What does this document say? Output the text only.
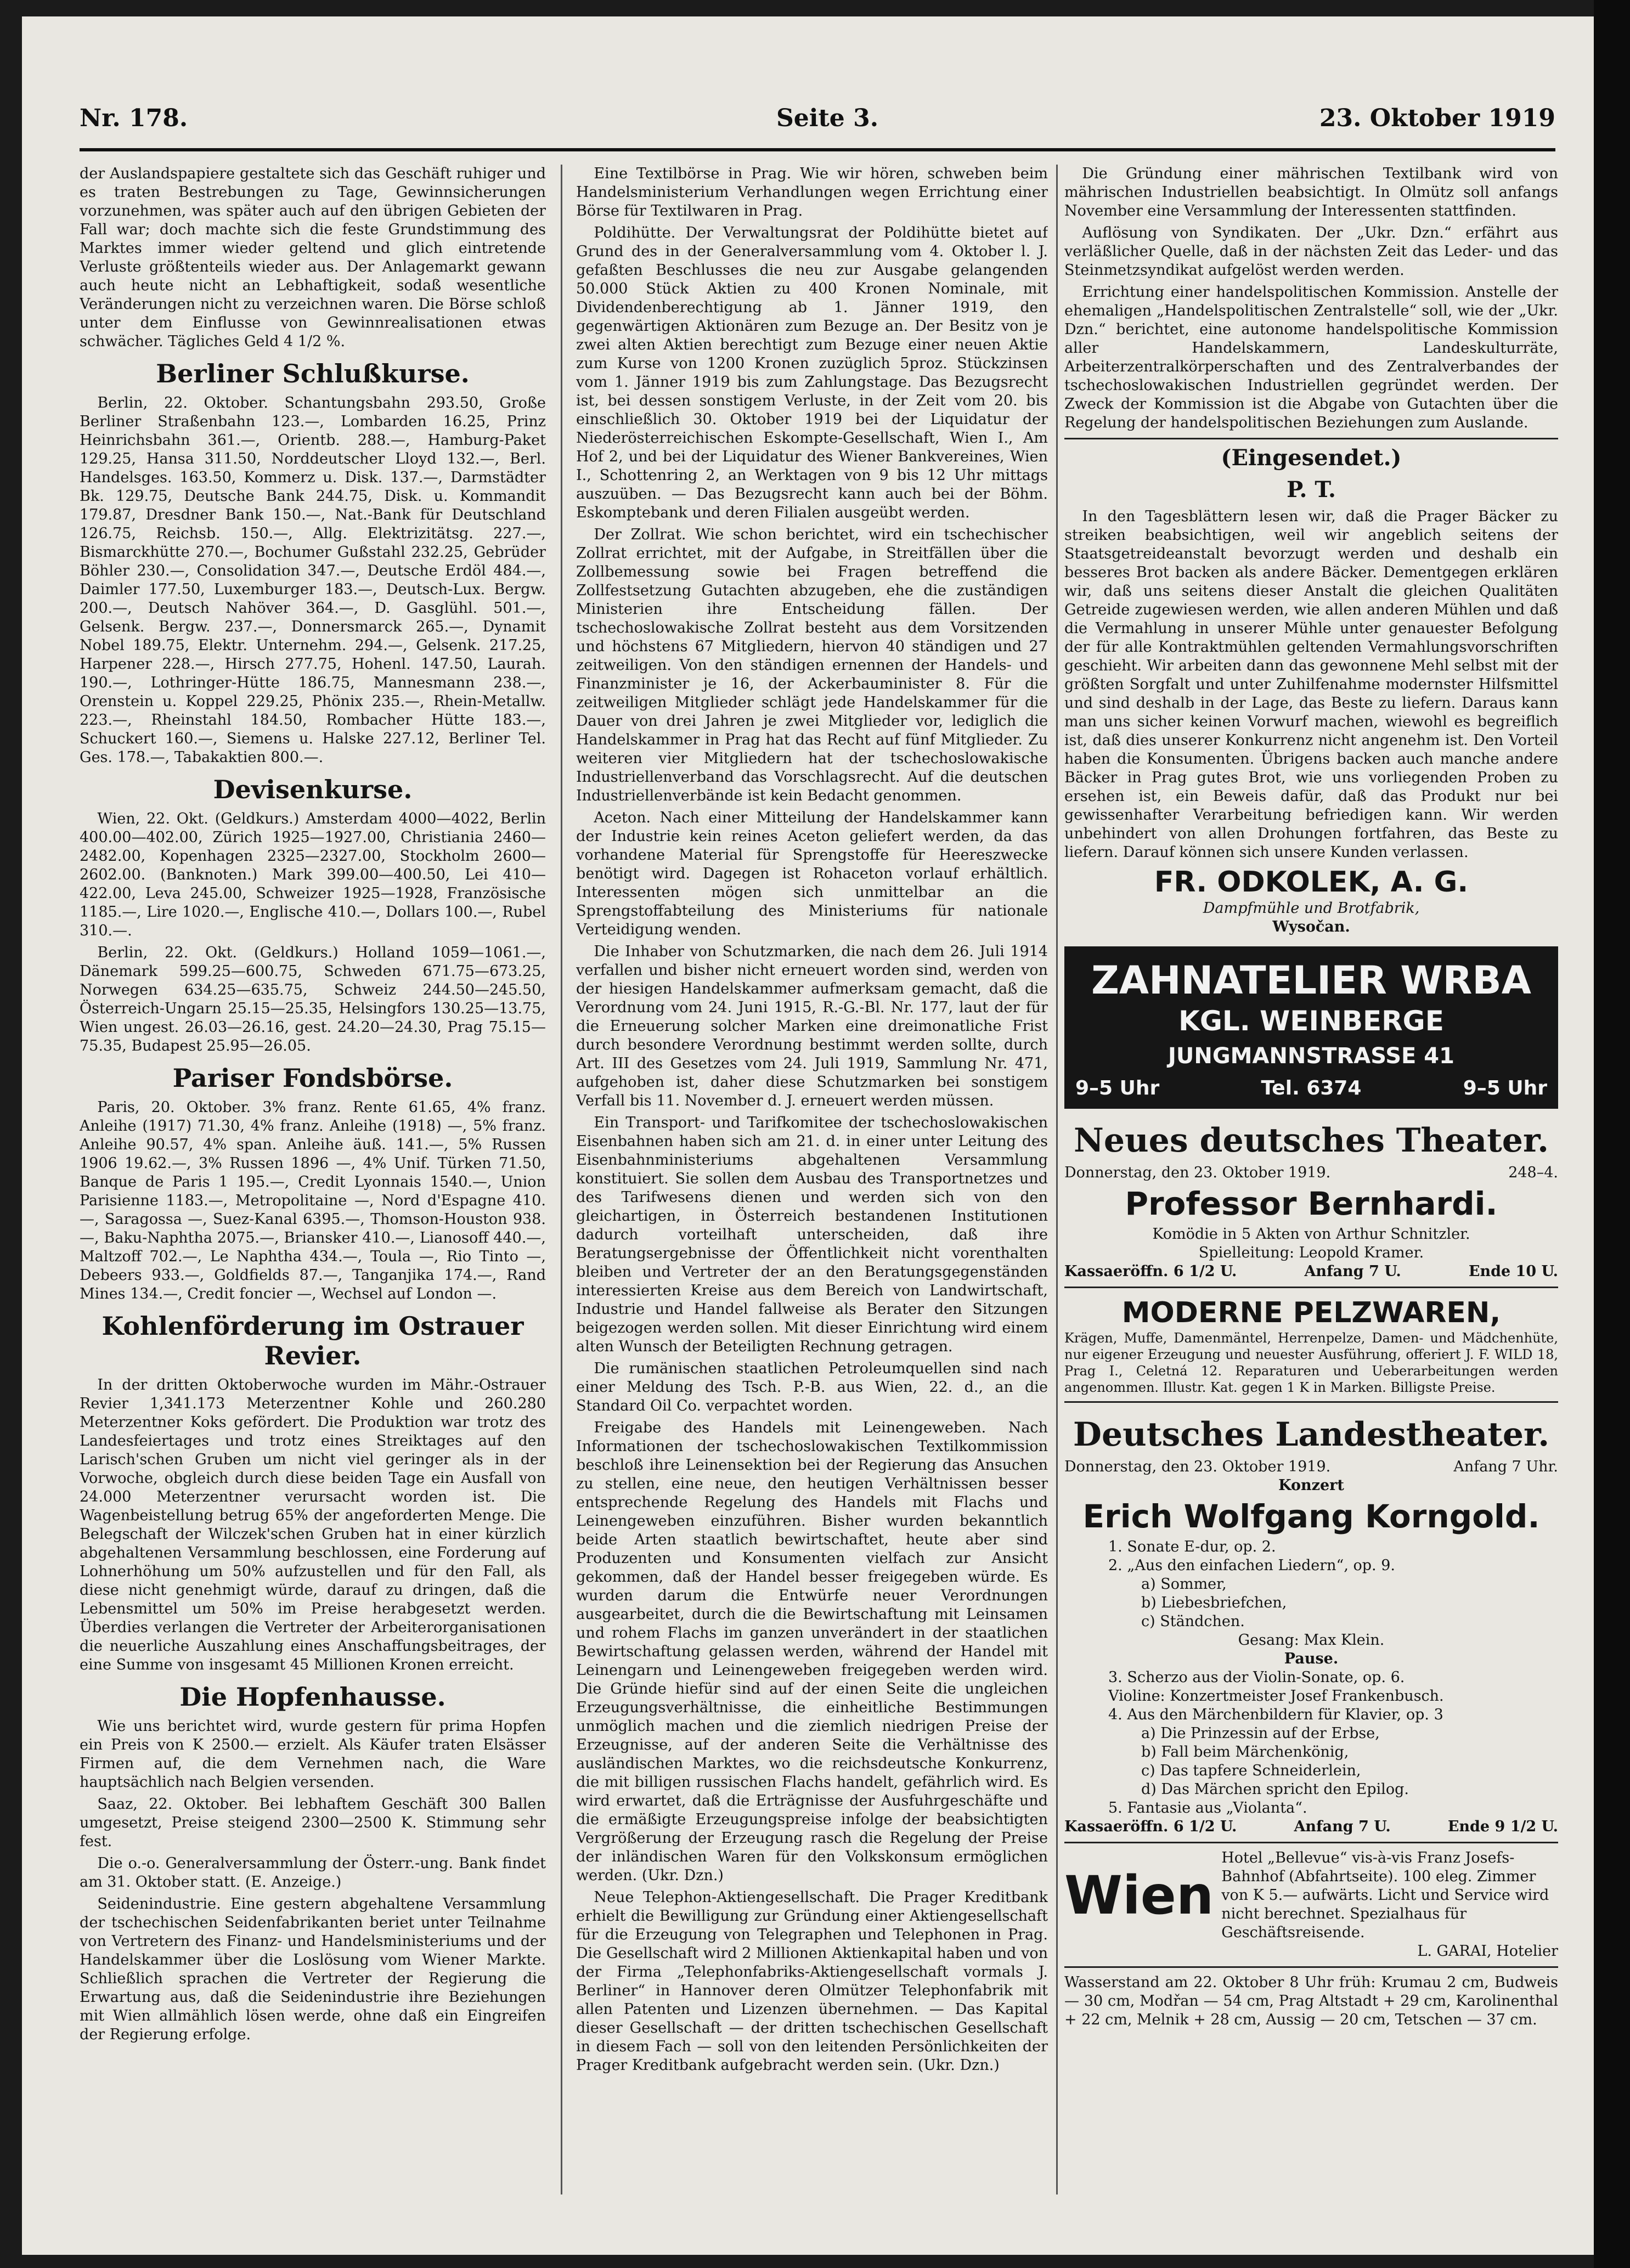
Nr. 178.	Seite 3.	23. Oktober 1919

der Auslandspapiere gestaltete sich das Geschäft ruhiger und es traten Bestrebungen zu Tage, Gewinnsicherungen vorzunehmen, was später auch auf den übrigen Gebieten der Fall war; doch machte sich die feste Grundstimmung des Marktes immer wieder geltend und glich eintretende Verluste größtenteils wieder aus. Der Anlagemarkt gewann auch heute nicht an Lebhaftigkeit, sodaß wesentliche Veränderungen nicht zu verzeichnen waren. Die Börse schloß unter dem Einflusse von Gewinnrealisationen etwas schwächer. Tägliches Geld 4 1/2 %.

Berliner Schlußkurse.

Berlin, 22. Oktober. Schantungsbahn 293.50, Große Berliner Straßenbahn 123.—, Lombarden 16.25, Prinz Heinrichsbahn 361.—, Orientb. 288.—, Hamburg-Paket 129.25, Hansa 311.50, Norddeutscher Lloyd 132.—, Berl. Handelsges. 163.50, Kommerz u. Disk. 137.—, Darmstädter Bk. 129.75, Deutsche Bank 244.75, Disk. u. Kommandit 179.87, Dresdner Bank 150.—, Nat.-Bank für Deutschland 126.75, Reichsb. 150.—, Allg. Elektrizitätsg. 227.—, Bismarckhütte 270.—, Bochumer Gußstahl 232.25, Gebrüder Böhler 230.—, Consolidation 347.—, Deutsche Erdöl 484.—, Daimler 177.50, Luxemburger 183.—, Deutsch-Lux. Bergw. 200.—, Deutsch Nahöver 364.—, D. Gasglühl. 501.—, Gelsenk. Bergw. 237.—, Donnersmarck 265.—, Dynamit Nobel 189.75, Elektr. Unternehm. 294.—, Gelsenk. 217.25, Harpener 228.—, Hirsch 277.75, Hohenl. 147.50, Laurah. 190.—, Lothringer-Hütte 186.75, Mannesmann 238.—, Orenstein u. Koppel 229.25, Phönix 235.—, Rhein-Metallw. 223.—, Rheinstahl 184.50, Rombacher Hütte 183.—, Schuckert 160.—, Siemens u. Halske 227.12, Berliner Tel. Ges. 178.—, Tabakaktien 800.—.

Devisenkurse.

Wien, 22. Okt. (Geldkurs.) Amsterdam 4000—4022, Berlin 400.00—402.00, Zürich 1925—1927.00, Christiania 2460—2482.00, Kopenhagen 2325—2327.00, Stockholm 2600—2602.00. (Banknoten.) Mark 399.00—400.50, Lei 410—422.00, Leva 245.00, Schweizer 1925—1928, Französische 1185.—, Lire 1020.—, Englische 410.—, Dollars 100.—, Rubel 310.—.

Berlin, 22. Okt. (Geldkurs.) Holland 1059—1061.—, Dänemark 599.25—600.75, Schweden 671.75—673.25, Norwegen 634.25—635.75, Schweiz 244.50—245.50, Österreich-Ungarn 25.15—25.35, Helsingfors 130.25—13.75, Wien ungest. 26.03—26.16, gest. 24.20—24.30, Prag 75.15—75.35, Budapest 25.95—26.05.

Pariser Fondsbörse.

Paris, 20. Oktober. 3% franz. Rente 61.65, 4% franz. Anleihe (1917) 71.30, 4% franz. Anleihe (1918) —, 5% franz. Anleihe 90.57, 4% span. Anleihe äuß. 141.—, 5% Russen 1906 19.62.—, 3% Russen 1896 —, 4% Unif. Türken 71.50, Banque de Paris 1 195.—, Credit Lyonnais 1540.—, Union Parisienne 1183.—, Metropolitaine —, Nord d'Espagne 410.—, Saragossa —, Suez-Kanal 6395.—, Thomson-Houston 938.—, Baku-Naphtha 2075.—, Briansker 410.—, Lianosoff 440.—, Maltzoff 702.—, Le Naphtha 434.—, Toula —, Rio Tinto —, Debeers 933.—, Goldfields 87.—, Tanganjika 174.—, Rand Mines 134.—, Credit foncier —, Wechsel auf London —.

Kohlenförderung im Ostrauer Revier.

In der dritten Oktoberwoche wurden im Mähr.-Ostrauer Revier 1,341.173 Meterzentner Kohle und 260.280 Meterzentner Koks gefördert. Die Produktion war trotz des Landesfeiertages und trotz eines Streiktages auf den Larisch'schen Gruben um nicht viel geringer als in der Vorwoche, obgleich durch diese beiden Tage ein Ausfall von 24.000 Meterzentner verursacht worden ist. Die Wagenbeistellung betrug 65% der angeforderten Menge. Die Belegschaft der Wilczek'schen Gruben hat in einer kürzlich abgehaltenen Versammlung beschlossen, eine Forderung auf Lohnerhöhung um 50% aufzustellen und für den Fall, als diese nicht genehmigt würde, darauf zu dringen, daß die Lebensmittel um 50% im Preise herabgesetzt werden. Überdies verlangen die Vertreter der Arbeiterorganisationen die neuerliche Auszahlung eines Anschaffungsbeitrages, der eine Summe von insgesamt 45 Millionen Kronen erreicht.

Die Hopfenhausse.

Wie uns berichtet wird, wurde gestern für prima Hopfen ein Preis von K 2500.— erzielt. Als Käufer traten Elsässer Firmen auf, die dem Vernehmen nach, die Ware hauptsächlich nach Belgien versenden.

Saaz, 22. Oktober. Bei lebhaftem Geschäft 300 Ballen umgesetzt, Preise steigend 2300—2500 K. Stimmung sehr fest.

Die o.-o. Generalversammlung der Österr.-ung. Bank findet am 31. Oktober statt. (E. Anzeige.)

Seidenindustrie. Eine gestern abgehaltene Versammlung der tschechischen Seidenfabrikanten beriet unter Teilnahme von Vertretern des Finanz- und Handelsministeriums und der Handelskammer über die Loslösung vom Wiener Markte. Schließlich sprachen die Vertreter der Regierung die Erwartung aus, daß die Seidenindustrie ihre Beziehungen mit Wien allmählich lösen werde, ohne daß ein Eingreifen der Regierung erfolge.

Eine Textilbörse in Prag. Wie wir hören, schweben beim Handelsministerium Verhandlungen wegen Errichtung einer Börse für Textilwaren in Prag.

Poldihütte. Der Verwaltungsrat der Poldihütte bietet auf Grund des in der Generalversammlung vom 4. Oktober l. J. gefaßten Beschlusses die neu zur Ausgabe gelangenden 50.000 Stück Aktien zu 400 Kronen Nominale, mit Dividendenberechtigung ab 1. Jänner 1919, den gegenwärtigen Aktionären zum Bezuge an. Der Besitz von je zwei alten Aktien berechtigt zum Bezuge einer neuen Aktie zum Kurse von 1200 Kronen zuzüglich 5proz. Stückzinsen vom 1. Jänner 1919 bis zum Zahlungstage. Das Bezugsrecht ist, bei dessen sonstigem Verluste, in der Zeit vom 20. bis einschließlich 30. Oktober 1919 bei der Liquidatur der Niederösterreichischen Eskompte-Gesellschaft, Wien I., Am Hof 2, und bei der Liquidatur des Wiener Bankvereines, Wien I., Schottenring 2, an Werktagen von 9 bis 12 Uhr mittags auszuüben. — Das Bezugsrecht kann auch bei der Böhm. Eskomptebank und deren Filialen ausgeübt werden.

Der Zollrat. Wie schon berichtet, wird ein tschechischer Zollrat errichtet, mit der Aufgabe, in Streitfällen über die Zollbemessung sowie bei Fragen betreffend die Zollfestsetzung Gutachten abzugeben, ehe die zuständigen Ministerien ihre Entscheidung fällen. Der tschechoslowakische Zollrat besteht aus dem Vorsitzenden und höchstens 67 Mitgliedern, hiervon 40 ständigen und 27 zeitweiligen. Von den ständigen ernennen der Handels- und Finanzminister je 16, der Ackerbauminister 8. Für die zeitweiligen Mitglieder schlägt jede Handelskammer für die Dauer von drei Jahren je zwei Mitglieder vor, lediglich die Handelskammer in Prag hat das Recht auf fünf Mitglieder. Zu weiteren vier Mitgliedern hat der tschechoslowakische Industriellenverband das Vorschlagsrecht. Auf die deutschen Industriellenverbände ist kein Bedacht genommen.

Aceton. Nach einer Mitteilung der Handelskammer kann der Industrie kein reines Aceton geliefert werden, da das vorhandene Material für Sprengstoffe für Heereszwecke benötigt wird. Dagegen ist Rohaceton vorlauf erhältlich. Interessenten mögen sich unmittelbar an die Sprengstoffabteilung des Ministeriums für nationale Verteidigung wenden.

Die Inhaber von Schutzmarken, die nach dem 26. Juli 1914 verfallen und bisher nicht erneuert worden sind, werden von der hiesigen Handelskammer aufmerksam gemacht, daß die Verordnung vom 24. Juni 1915, R.-G.-Bl. Nr. 177, laut der für die Erneuerung solcher Marken eine dreimonatliche Frist durch besondere Verordnung bestimmt werden sollte, durch Art. III des Gesetzes vom 24. Juli 1919, Sammlung Nr. 471, aufgehoben ist, daher diese Schutzmarken bei sonstigem Verfall bis 11. November d. J. erneuert werden müssen.

Ein Transport- und Tarifkomitee der tschechoslowakischen Eisenbahnen haben sich am 21. d. in einer unter Leitung des Eisenbahnministeriums abgehaltenen Versammlung konstituiert. Sie sollen dem Ausbau des Transportnetzes und des Tarifwesens dienen und werden sich von den gleichartigen, in Österreich bestandenen Institutionen dadurch vorteilhaft unterscheiden, daß ihre Beratungsergebnisse der Öffentlichkeit nicht vorenthalten bleiben und Vertreter der an den Beratungsgegenständen interessierten Kreise aus dem Bereich von Landwirtschaft, Industrie und Handel fallweise als Berater den Sitzungen beigezogen werden sollen. Mit dieser Einrichtung wird einem alten Wunsch der Beteiligten Rechnung getragen.

Die rumänischen staatlichen Petroleumquellen sind nach einer Meldung des Tsch. P.-B. aus Wien, 22. d., an die Standard Oil Co. verpachtet worden.

Freigabe des Handels mit Leinengeweben. Nach Informationen der tschechoslowakischen Textilkommission beschloß ihre Leinensektion bei der Regierung das Ansuchen zu stellen, eine neue, den heutigen Verhältnissen besser entsprechende Regelung des Handels mit Flachs und Leinengeweben einzuführen. Bisher wurden bekanntlich beide Arten staatlich bewirtschaftet, heute aber sind Produzenten und Konsumenten vielfach zur Ansicht gekommen, daß der Handel besser freigegeben würde. Es wurden darum die Entwürfe neuer Verordnungen ausgearbeitet, durch die die Bewirtschaftung mit Leinsamen und rohem Flachs im ganzen unverändert in der staatlichen Bewirtschaftung gelassen werden, während der Handel mit Leinengarn und Leinengeweben freigegeben werden wird. Die Gründe hiefür sind auf der einen Seite die ungleichen Erzeugungsverhältnisse, die einheitliche Bestimmungen unmöglich machen und die ziemlich niedrigen Preise der Erzeugnisse, auf der anderen Seite die Verhältnisse des ausländischen Marktes, wo die reichsdeutsche Konkurrenz, die mit billigen russischen Flachs handelt, gefährlich wird. Es wird erwartet, daß die Erträgnisse der Ausfuhrgeschäfte und die ermäßigte Erzeugungspreise infolge der beabsichtigten Vergrößerung der Erzeugung rasch die Regelung der Preise der inländischen Waren für den Volkskonsum ermöglichen werden. (Ukr. Dzn.)

Neue Telephon-Aktiengesellschaft. Die Prager Kreditbank erhielt die Bewilligung zur Gründung einer Aktiengesellschaft für die Erzeugung von Telegraphen und Telephonen in Prag. Die Gesellschaft wird 2 Millionen Aktienkapital haben und von der Firma „Telephonfabriks-Aktiengesellschaft vormals J. Berliner“ in Hannover deren Olmützer Telephonfabrik mit allen Patenten und Lizenzen übernehmen. — Das Kapital dieser Gesellschaft — der dritten tschechischen Gesellschaft in diesem Fach — soll von den leitenden Persönlichkeiten der Prager Kreditbank aufgebracht werden sein. (Ukr. Dzn.)

Die Gründung einer mährischen Textilbank wird von mährischen Industriellen beabsichtigt. In Olmütz soll anfangs November eine Versammlung der Interessenten stattfinden.

Auflösung von Syndikaten. Der „Ukr. Dzn.“ erfährt aus verläßlicher Quelle, daß in der nächsten Zeit das Leder- und das Steinmetzsyndikat aufgelöst werden werden.

Errichtung einer handelspolitischen Kommission. Anstelle der ehemaligen „Handelspolitischen Zentralstelle“ soll, wie der „Ukr. Dzn.“ berichtet, eine autonome handelspolitische Kommission aller Handelskammern, Landeskulturräte, Arbeiterzentralkörperschaften und des Zentralverbandes der tschechoslowakischen Industriellen gegründet werden. Der Zweck der Kommission ist die Abgabe von Gutachten über die Regelung der handelspolitischen Beziehungen zum Auslande.

(Eingesendet.)
P. T.

In den Tagesblättern lesen wir, daß die Prager Bäcker zu streiken beabsichtigen, weil wir angeblich seitens der Staatsgetreideanstalt bevorzugt werden und deshalb ein besseres Brot backen als andere Bäcker. Dementgegen erklären wir, daß uns seitens dieser Anstalt die gleichen Qualitäten Getreide zugewiesen werden, wie allen anderen Mühlen und daß die Vermahlung in unserer Mühle unter genauester Befolgung der für alle Kontraktmühlen geltenden Vermahlungsvorschriften geschieht. Wir arbeiten dann das gewonnene Mehl selbst mit der größten Sorgfalt und unter Zuhilfenahme modernster Hilfsmittel und sind deshalb in der Lage, das Beste zu liefern. Daraus kann man uns sicher keinen Vorwurf machen, wiewohl es begreiflich ist, daß dies unserer Konkurrenz nicht angenehm ist. Den Vorteil haben die Konsumenten. Übrigens backen auch manche andere Bäcker in Prag gutes Brot, wie uns vorliegenden Proben zu ersehen ist, ein Beweis dafür, daß das Produkt nur bei gewissenhafter Verarbeitung befriedigen kann. Wir werden unbehindert von allen Drohungen fortfahren, das Beste zu liefern. Darauf können sich unsere Kunden verlassen.

FR. ODKOLEK, A. G.
Dampfmühle und Brotfabrik,
Wysočan.
ZAHNATELIER WRBA
KGL. WEINBERGE
JUNGMANNSTRASSE 41
9–5 Uhr	Tel. 6374	9–5 Uhr
Neues deutsches Theater.
Donnerstag, den 23. Oktober 1919.	248–4.
Professor Bernhardi.
Komödie in 5 Akten von Arthur Schnitzler.
Spielleitung: Leopold Kramer.
Kassaeröffn. 6 1/2 U.	Anfang 7 U.	Ende 10 U.
MODERNE PELZWAREN,

Krägen, Muffe, Damenmäntel, Herrenpelze, Damen- und Mädchenhüte, nur eigener Erzeugung und neuester Ausführung, offeriert J. F. WILD 18, Prag I., Celetná 12. Reparaturen und Ueberarbeitungen werden angenommen. Illustr. Kat. gegen 1 K in Marken. Billigste Preise.

Deutsches Landestheater.
Donnerstag, den 23. Oktober 1919.	Anfang 7 Uhr.
Konzert
Erich Wolfgang Korngold.
1. Sonate E-dur, op. 2.
2. „Aus den einfachen Liedern“, op. 9.
a) Sommer,
b) Liebesbriefchen,
c) Ständchen.
Gesang: Max Klein.
Pause.
3. Scherzo aus der Violin-Sonate, op. 6.
Violine: Konzertmeister Josef Frankenbusch.
4. Aus den Märchenbildern für Klavier, op. 3
a) Die Prinzessin auf der Erbse,
b) Fall beim Märchenkönig,
c) Das tapfere Schneiderlein,
d) Das Märchen spricht den Epilog.
5. Fantasie aus „Violanta“.
Kassaeröffn. 6 1/2 U.	Anfang 7 U.	Ende 9 1/2 U.
Wien
Hotel „Bellevue“ vis-à-vis Franz Josefs-Bahnhof (Abfahrtseite). 100 eleg. Zimmer von K 5.— aufwärts. Licht und Service wird nicht berechnet. Spezialhaus für Geschäftsreisende.
L. GARAI, Hotelier

Wasserstand am 22. Oktober 8 Uhr früh: Krumau 2 cm, Budweis — 30 cm, Modřan — 54 cm, Prag Altstadt + 29 cm, Karolinenthal + 22 cm, Melnik + 28 cm, Aussig — 20 cm, Tetschen — 37 cm.
